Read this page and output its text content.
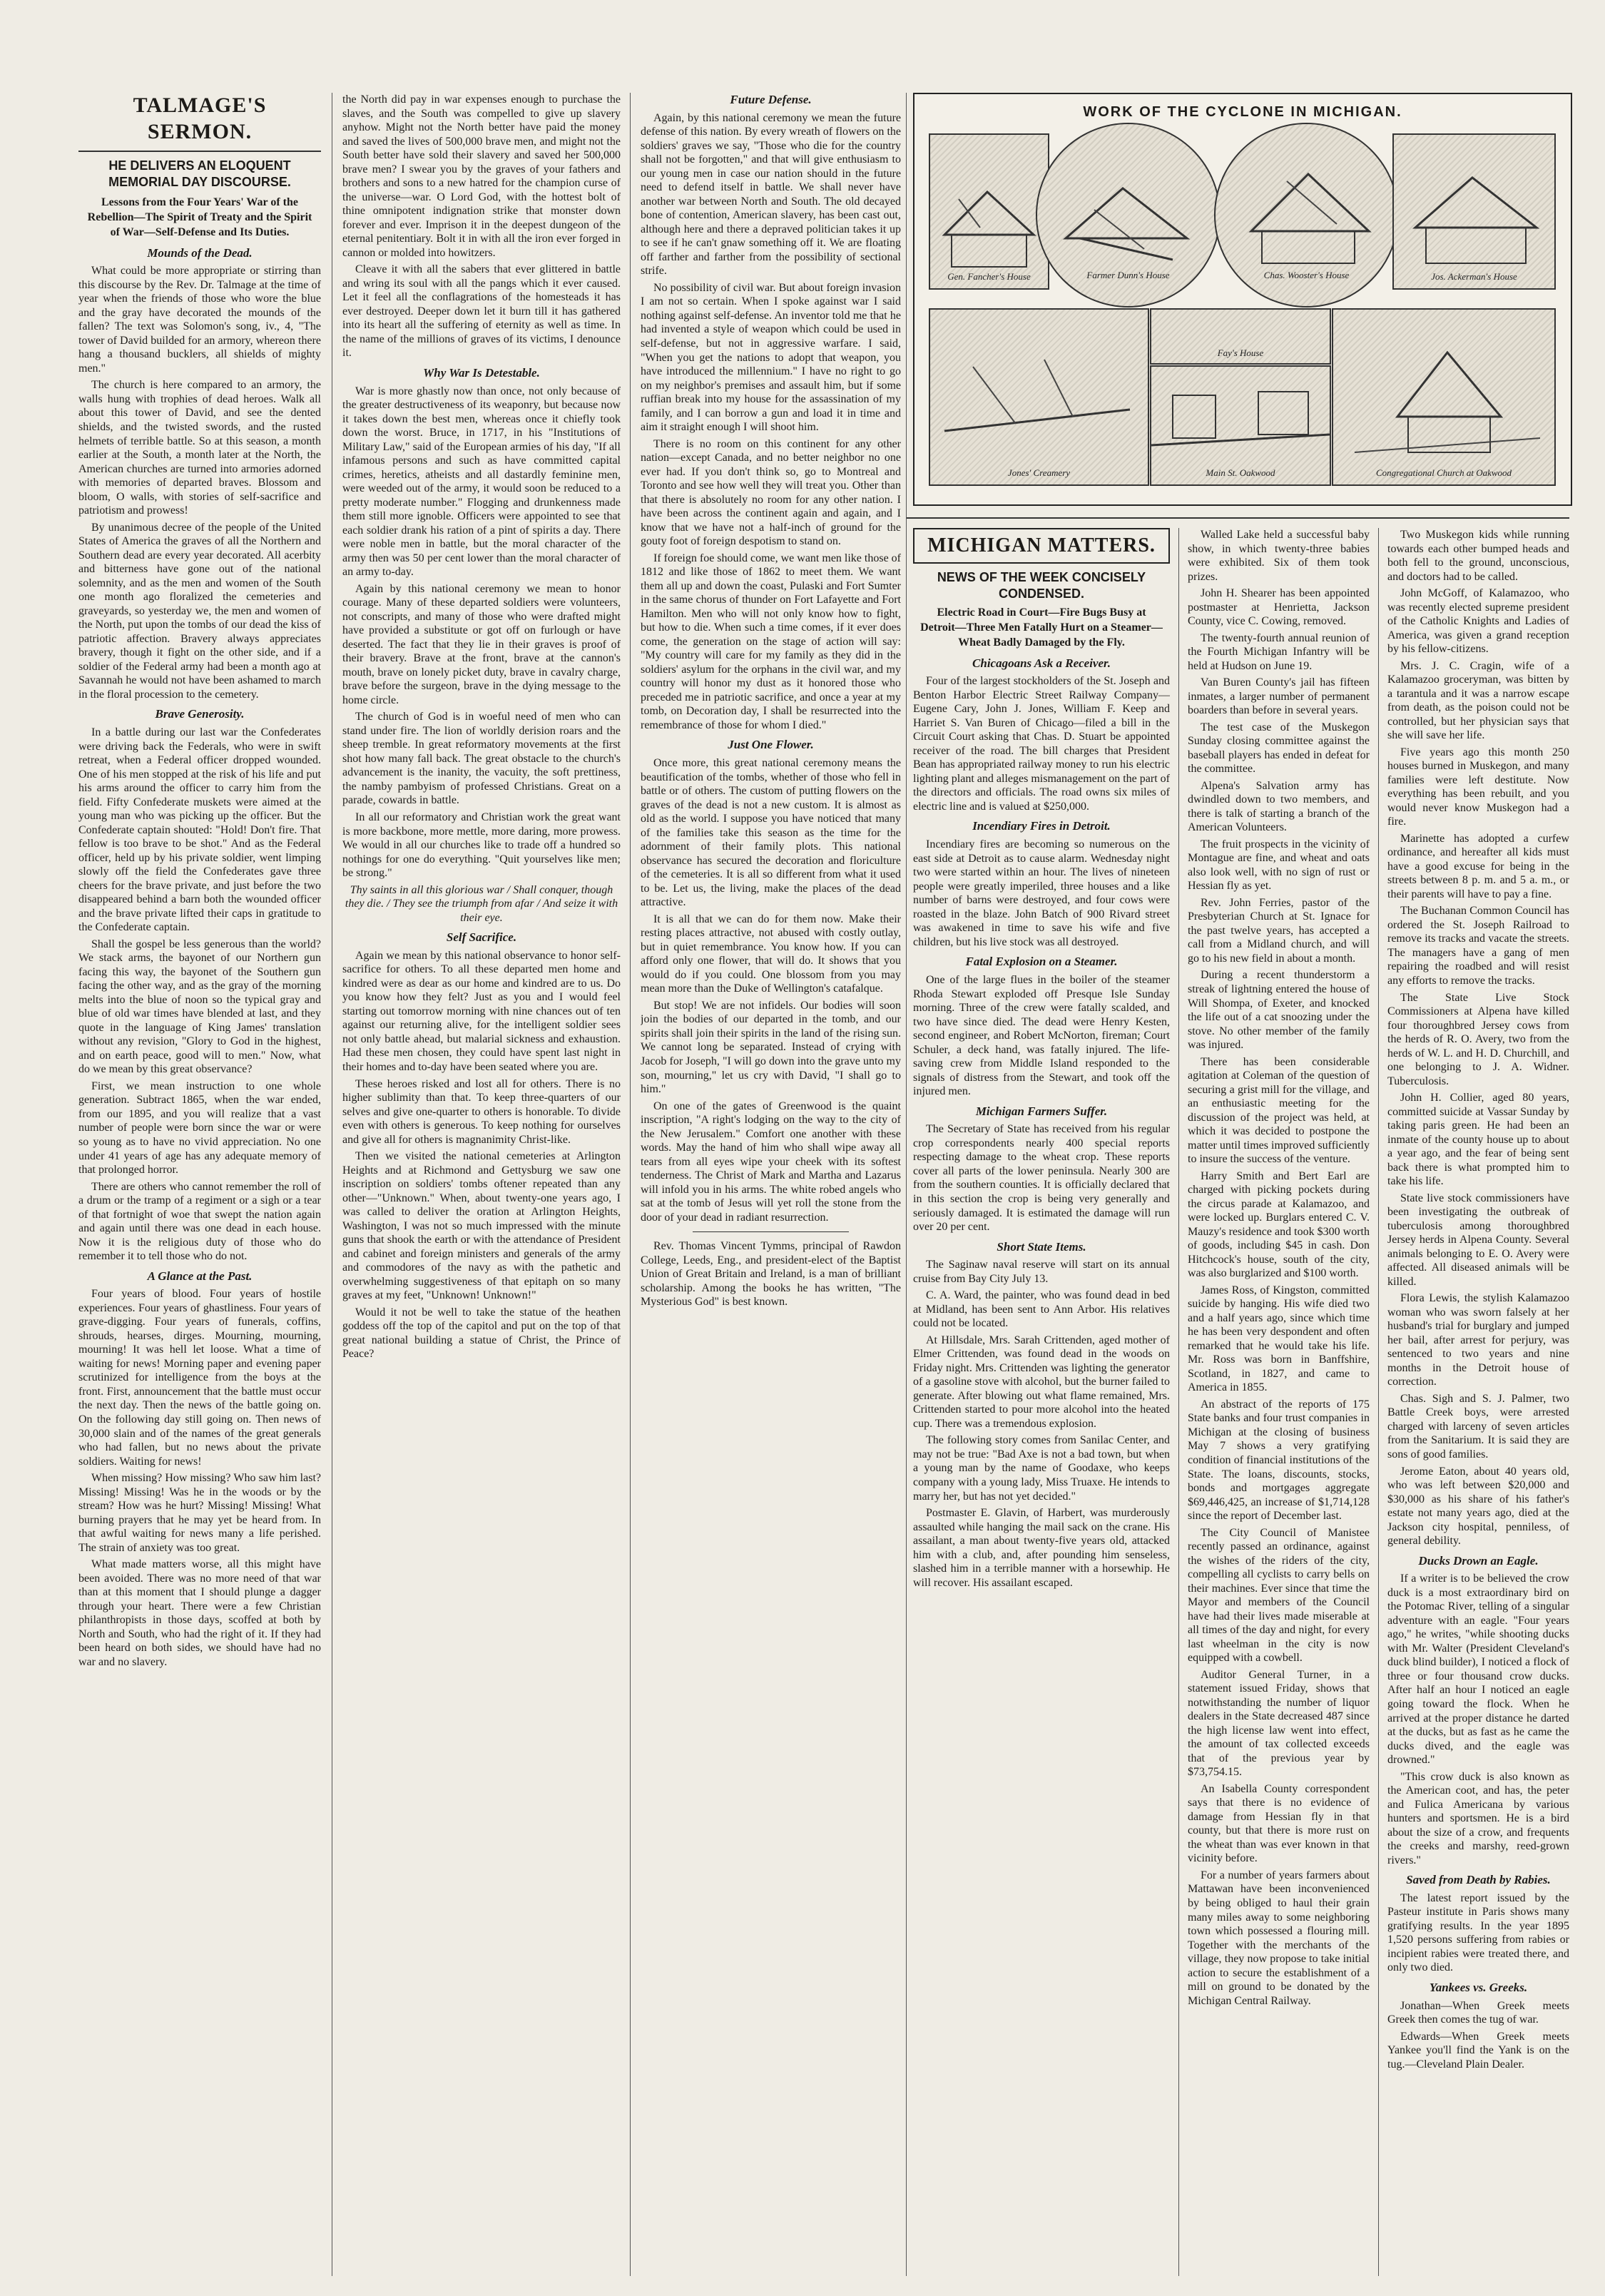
TALMAGE'S SERMON.
HE DELIVERS AN ELOQUENT MEMORIAL DAY DISCOURSE.
Lessons from the Four Years' War of the Rebellion—The Spirit of Treaty and the Spirit of War—Self-Defense and Its Duties.
Mounds of the Dead.

What could be more appropriate or stirring than this discourse by the Rev. Dr. Talmage at the time of year when the friends of those who wore the blue and the gray have decorated the mounds of the fallen? The text was Solomon's song, iv., 4, "The tower of David builded for an armory, whereon there hang a thousand bucklers, all shields of mighty men."

The church is here compared to an armory, the walls hung with trophies of dead heroes. Walk all about this tower of David, and see the dented shields, and the twisted swords, and the rusted helmets of terrible battle. So at this season, a month earlier at the South, a month later at the North, the American churches are turned into armories adorned with memories of departed braves. Blossom and bloom, O walls, with stories of self-sacrifice and patriotism and prowess!

By unanimous decree of the people of the United States of America the graves of all the Northern and Southern dead are every year decorated. All acerbity and bitterness have gone out of the national solemnity, and as the men and women of the South one month ago floralized the cemeteries and graveyards, so yesterday we, the men and women of the North, put upon the tombs of our dead the kiss of patriotic affection. Bravery always appreciates bravery, though it fight on the other side, and if a soldier of the Federal army had been a month ago at Savannah he would not have been ashamed to march in the floral procession to the cemetery.

Brave Generosity.

In a battle during our last war the Confederates were driving back the Federals, who were in swift retreat, when a Federal officer dropped wounded. One of his men stopped at the risk of his life and put his arms around the officer to carry him from the field. Fifty Confederate muskets were aimed at the young man who was picking up the officer. But the Confederate captain shouted: "Hold! Don't fire. That fellow is too brave to be shot." And as the Federal officer, held up by his private soldier, went limping slowly off the field the Confederates gave three cheers for the brave private, and just before the two disappeared behind a barn both the wounded officer and the brave private lifted their caps in gratitude to the Confederate captain.

Shall the gospel be less generous than the world? We stack arms, the bayonet of our Northern gun facing this way, the bayonet of the Southern gun facing the other way, and as the gray of the morning melts into the blue of noon so the typical gray and blue of old war times have blended at last, and they quote in the language of King James' translation without any revision, "Glory to God in the highest, and on earth peace, good will to men." Now, what do we mean by this great observance?

First, we mean instruction to one whole generation. Subtract 1865, when the war ended, from our 1895, and you will realize that a vast number of people were born since the war or were so young as to have no vivid appreciation. No one under 41 years of age has any adequate memory of that prolonged horror.

There are others who cannot remember the roll of a drum or the tramp of a regiment or a sigh or a tear of that fortnight of woe that swept the nation again and again until there was one dead in each house. Now it is the religious duty of those who do remember it to tell those who do not.

A Glance at the Past.

Four years of blood. Four years of hostile experiences. Four years of ghastliness. Four years of grave-digging. Four years of funerals, coffins, shrouds, hearses, dirges. Mourning, mourning, mourning! It was hell let loose. What a time of waiting for news! Morning paper and evening paper scrutinized for intelligence from the boys at the front. First, announcement that the battle must occur the next day. Then the news of the battle going on. On the following day still going on. Then news of 30,000 slain and of the names of the great generals who had fallen, but no news about the private soldiers. Waiting for news!

When missing? How missing? Who saw him last? Missing! Missing! Was he in the woods or by the stream? How was he hurt? Missing! Missing! What burning prayers that he may yet be heard from. In that awful waiting for news many a life perished. The strain of anxiety was too great.

What made matters worse, all this might have been avoided. There was no more need of that war than at this moment that I should plunge a dagger through your heart. There were a few Christian philanthropists in those days, scoffed at both by North and South, who had the right of it. If they had been heard on both sides, we should have had no war and no slavery.

the North did pay in war expenses enough to purchase the slaves, and the South was compelled to give up slavery anyhow. Might not the North better have paid the money and saved the lives of 500,000 brave men, and might not the South better have sold their slavery and saved her 500,000 brave men? I swear you by the graves of your fathers and brothers and sons to a new hatred for the champion curse of the universe—war. O Lord God, with the hottest bolt of thine omnipotent indignation strike that monster down forever and ever. Imprison it in the deepest dungeon of the eternal penitentiary. Bolt it in with all the iron ever forged in cannon or molded into howitzers.

Cleave it with all the sabers that ever glittered in battle and wring its soul with all the pangs which it ever caused. Let it feel all the conflagrations of the homesteads it has ever destroyed. Deeper down let it burn till it has gathered into its heart all the suffering of eternity as well as time. In the name of the millions of graves of its victims, I denounce it.

Why War Is Detestable.

War is more ghastly now than once, not only because of the greater destructiveness of its weaponry, but because now it takes down the best men, whereas once it chiefly took down the worst. Bruce, in 1717, in his "Institutions of Military Law," said of the European armies of his day, "If all infamous persons and such as have committed capital crimes, heretics, atheists and all dastardly feminine men, were weeded out of the army, it would soon be reduced to a pretty moderate number." Flogging and drunkenness made them still more ignoble. Officers were appointed to see that each soldier drank his ration of a pint of spirits a day. There were noble men in battle, but the moral character of the army then was 50 per cent lower than the moral character of an army to-day.

Again by this national ceremony we mean to honor courage. Many of these departed soldiers were volunteers, not conscripts, and many of those who were drafted might have provided a substitute or got off on furlough or have deserted. The fact that they lie in their graves is proof of their bravery. Brave at the front, brave at the cannon's mouth, brave on lonely picket duty, brave in cavalry charge, brave before the surgeon, brave in the dying message to the home circle.

The church of God is in woeful need of men who can stand under fire. The lion of worldly derision roars and the sheep tremble. In great reformatory movements at the first shot how many fall back. The great obstacle to the church's advancement is the inanity, the vacuity, the soft prettiness, the namby pambyism of professed Christians. Great on a parade, cowards in battle.

In all our reformatory and Christian work the great want is more backbone, more mettle, more daring, more prowess. We would in all our churches like to trade off a hundred so nothings for one do everything. "Quit yourselves like men; be strong."

Thy saints in all this glorious war / Shall conquer, though they die. / They see the triumph from afar / And seize it with their eye.

Self Sacrifice.

Again we mean by this national observance to honor self-sacrifice for others. To all these departed men home and kindred were as dear as our home and kindred are to us. Do you know how they felt? Just as you and I would feel starting out tomorrow morning with nine chances out of ten against our returning alive, for the intelligent soldier sees not only battle ahead, but malarial sickness and exhaustion. Had these men chosen, they could have spent last night in their homes and to-day have been seated where you are.

These heroes risked and lost all for others. There is no higher sublimity than that. To keep three-quarters of our selves and give one-quarter to others is honorable. To divide even with others is generous. To keep nothing for ourselves and give all for others is magnanimity Christ-like.

Then we visited the national cemeteries at Arlington Heights and at Richmond and Gettysburg we saw one inscription on soldiers' tombs oftener repeated than any other—"Unknown." When, about twenty-one years ago, I was called to deliver the oration at Arlington Heights, Washington, I was not so much impressed with the minute guns that shook the earth or with the attendance of President and cabinet and foreign ministers and generals of the army and commodores of the navy as with the pathetic and overwhelming suggestiveness of that epitaph on so many graves at my feet, "Unknown! Unknown!"

Would it not be well to take the statue of the heathen goddess off the top of the capitol and put on the top of that great national building a statue of Christ, the Prince of Peace?

Future Defense.

Again, by this national ceremony we mean the future defense of this nation. By every wreath of flowers on the soldiers' graves we say, "Those who die for the country shall not be forgotten," and that will give enthusiasm to our young men in case our nation should in the future need to defend itself in battle. We shall never have another war between North and South. The old decayed bone of contention, American slavery, has been cast out, although here and there a depraved politician takes it up to see if he can't gnaw something off it. We are floating off farther and farther from the possibility of sectional strife.

No possibility of civil war. But about foreign invasion I am not so certain. When I spoke against war I said nothing against self-defense. An inventor told me that he had invented a style of weapon which could be used in self-defense, but not in aggressive warfare. I said, "When you get the nations to adopt that weapon, you have introduced the millennium." I have no right to go on my neighbor's premises and assault him, but if some ruffian break into my house for the assassination of my family, and I can borrow a gun and load it in time and aim it straight enough I will shoot him.

There is no room on this continent for any other nation—except Canada, and no better neighbor no one ever had. If you don't think so, go to Montreal and Toronto and see how well they will treat you. Other than that there is absolutely no room for any other nation. I have been across the continent again and again, and I know that we have not a half-inch of ground for the gouty foot of foreign despotism to stand on.

If foreign foe should come, we want men like those of 1812 and like those of 1862 to meet them. We want them all up and down the coast, Pulaski and Fort Sumter in the same chorus of thunder on Fort Lafayette and Fort Hamilton. Men who will not only know how to fight, but how to die. When such a time comes, if it ever does come, the generation on the stage of action will say: "My country will care for my family as they did in the soldiers' asylum for the orphans in the civil war, and my country will honor my dust as it honored those who preceded me in patriotic sacrifice, and once a year at my tomb, on Decoration day, I shall be resurrected into the remembrance of those for whom I died."

Just One Flower.

Once more, this great national ceremony means the beautification of the tombs, whether of those who fell in battle or of others. The custom of putting flowers on the graves of the dead is not a new custom. It is almost as old as the world. I suppose you have noticed that many of the families take this season as the time for the adornment of their family plots. This national observance has secured the decoration and floriculture of the cemeteries. It is all so different from what it used to be. Let us, the living, make the places of the dead attractive.

It is all that we can do for them now. Make their resting places attractive, not abused with costly outlay, but in quiet remembrance. You know how. If you can afford only one flower, that will do. It shows that you would do if you could. One blossom from you may mean more than the Duke of Wellington's catafalque.

But stop! We are not infidels. Our bodies will soon join the bodies of our departed in the tomb, and our spirits shall join their spirits in the land of the rising sun. We cannot long be separated. Instead of crying with Jacob for Joseph, "I will go down into the grave unto my son, mourning," let us cry with David, "I shall go to him."

On one of the gates of Greenwood is the quaint inscription, "A right's lodging on the way to the city of the New Jerusalem." Comfort one another with these words. May the hand of him who shall wipe away all tears from all eyes wipe your cheek with its softest tenderness. The Christ of Mark and Martha and Lazarus will infold you in his arms. The white robed angels who sat at the tomb of Jesus will yet roll the stone from the door of your dead in radiant resurrection.

Rev. Thomas Vincent Tymms, principal of Rawdon College, Leeds, Eng., and president-elect of the Baptist Union of Great Britain and Ireland, is a man of brilliant scholarship. Among the books he has written, "The Mysterious God" is best known.

WORK OF THE CYCLONE IN MICHIGAN.
Gen. Fancher's House	Farmer Dunn's House	Chas. Wooster's House	Jos. Ackerman's House
Fay's House
Jones' Creamery	Main St. Oakwood	Congregational Church at Oakwood
MICHIGAN MATTERS.
NEWS OF THE WEEK CONCISELY CONDENSED.
Electric Road in Court—Fire Bugs Busy at Detroit—Three Men Fatally Hurt on a Steamer—Wheat Badly Damaged by the Fly.
Chicagoans Ask a Receiver.

Four of the largest stockholders of the St. Joseph and Benton Harbor Electric Street Railway Company—Eugene Cary, John J. Jones, William F. Keep and Harriet S. Van Buren of Chicago—filed a bill in the Circuit Court asking that Chas. D. Stuart be appointed receiver of the road. The bill charges that President Bean has appropriated railway money to run his electric lighting plant and alleges mismanagement on the part of the directors and officials. The road owns six miles of electric line and is valued at $250,000.

Incendiary Fires in Detroit.

Incendiary fires are becoming so numerous on the east side at Detroit as to cause alarm. Wednesday night two were started within an hour. The lives of nineteen people were greatly imperiled, three houses and a like number of barns were destroyed, and four cows were roasted in the blaze. John Batch of 900 Rivard street was awakened in time to save his wife and five children, but his live stock was all destroyed.

Fatal Explosion on a Steamer.

One of the large flues in the boiler of the steamer Rhoda Stewart exploded off Presque Isle Sunday morning. Three of the crew were fatally scalded, and two have since died. The dead were Henry Kesten, second engineer, and Robert McNorton, fireman; Court Schuler, a deck hand, was fatally injured. The life-saving crew from Middle Island responded to the signals of distress from the Stewart, and took off the injured men.

Michigan Farmers Suffer.

The Secretary of State has received from his regular crop correspondents nearly 400 special reports respecting damage to the wheat crop. These reports cover all parts of the lower peninsula. Nearly 300 are from the southern counties. It is officially declared that in this section the crop is being very generally and seriously damaged. It is estimated the damage will run over 20 per cent.

Short State Items.

The Saginaw naval reserve will start on its annual cruise from Bay City July 13.

C. A. Ward, the painter, who was found dead in bed at Midland, has been sent to Ann Arbor. His relatives could not be located.

At Hillsdale, Mrs. Sarah Crittenden, aged mother of Elmer Crittenden, was found dead in the woods on Friday night. Mrs. Crittenden was lighting the generator of a gasoline stove with alcohol, but the burner failed to generate. After blowing out what flame remained, Mrs. Crittenden started to pour more alcohol into the heated cup. There was a tremendous explosion.

The following story comes from Sanilac Center, and may not be true: "Bad Axe is not a bad town, but when a young man by the name of Goodaxe, who keeps company with a young lady, Miss Truaxe. He intends to marry her, but has not yet decided."

Postmaster E. Glavin, of Harbert, was murderously assaulted while hanging the mail sack on the crane. His assailant, a man about twenty-five years old, attacked him with a club, and, after pounding him senseless, slashed him in a terrible manner with a horsewhip. He will recover. His assailant escaped.

Walled Lake held a successful baby show, in which twenty-three babies were exhibited. Six of them took prizes.

John H. Shearer has been appointed postmaster at Henrietta, Jackson County, vice C. Cowing, removed.

The twenty-fourth annual reunion of the Fourth Michigan Infantry will be held at Hudson on June 19.

Van Buren County's jail has fifteen inmates, a larger number of permanent boarders than before in several years.

The test case of the Muskegon Sunday closing committee against the baseball players has ended in defeat for the committee.

Alpena's Salvation army has dwindled down to two members, and there is talk of starting a branch of the American Volunteers.

The fruit prospects in the vicinity of Montague are fine, and wheat and oats also look well, with no sign of rust or Hessian fly as yet.

Rev. John Ferries, pastor of the Presbyterian Church at St. Ignace for the past twelve years, has accepted a call from a Midland church, and will go to his new field in about a month.

During a recent thunderstorm a streak of lightning entered the house of Will Shompa, of Exeter, and knocked the life out of a cat snoozing under the stove. No other member of the family was injured.

There has been considerable agitation at Coleman of the question of securing a grist mill for the village, and an enthusiastic meeting for the discussion of the project was held, at which it was decided to postpone the matter until times improved sufficiently to insure the success of the venture.

Harry Smith and Bert Earl are charged with picking pockets during the circus parade at Kalamazoo, and were locked up. Burglars entered C. V. Mauzy's residence and took $300 worth of goods, including $45 in cash. Don Hitchcock's house, south of the city, was also burglarized and $100 worth.

James Ross, of Kingston, committed suicide by hanging. His wife died two and a half years ago, since which time he has been very despondent and often remarked that he would take his life. Mr. Ross was born in Banffshire, Scotland, in 1827, and came to America in 1855.

An abstract of the reports of 175 State banks and four trust companies in Michigan at the closing of business May 7 shows a very gratifying condition of financial institutions of the State. The loans, discounts, stocks, bonds and mortgages aggregate $69,446,425, an increase of $1,714,128 since the report of December last.

The City Council of Manistee recently passed an ordinance, against the wishes of the riders of the city, compelling all cyclists to carry bells on their machines. Ever since that time the Mayor and members of the Council have had their lives made miserable at all times of the day and night, for every last wheelman in the city is now equipped with a cowbell.

Auditor General Turner, in a statement issued Friday, shows that notwithstanding the number of liquor dealers in the State decreased 487 since the high license law went into effect, the amount of tax collected exceeds that of the previous year by $73,754.15.

An Isabella County correspondent says that there is no evidence of damage from Hessian fly in that county, but that there is more rust on the wheat than was ever known in that vicinity before.

For a number of years farmers about Mattawan have been inconvenienced by being obliged to haul their grain many miles away to some neighboring town which possessed a flouring mill. Together with the merchants of the village, they now propose to take initial action to secure the establishment of a mill on ground to be donated by the Michigan Central Railway.

Two Muskegon kids while running towards each other bumped heads and both fell to the ground, unconscious, and doctors had to be called.

John McGoff, of Kalamazoo, who was recently elected supreme president of the Catholic Knights and Ladies of America, was given a grand reception by his fellow-citizens.

Mrs. J. C. Cragin, wife of a Kalamazoo groceryman, was bitten by a tarantula and it was a narrow escape from death, as the poison could not be controlled, but her physician says that she will save her life.

Five years ago this month 250 houses burned in Muskegon, and many families were left destitute. Now everything has been rebuilt, and you would never know Muskegon had a fire.

Marinette has adopted a curfew ordinance, and hereafter all kids must have a good excuse for being in the streets between 8 p. m. and 5 a. m., or their parents will have to pay a fine.

The Buchanan Common Council has ordered the St. Joseph Railroad to remove its tracks and vacate the streets. The managers have a gang of men repairing the roadbed and will resist any efforts to remove the tracks.

The State Live Stock Commissioners at Alpena have killed four thoroughbred Jersey cows from the herds of R. O. Avery, two from the herds of W. L. and H. D. Churchill, and one belonging to J. A. Widner. Tuberculosis.

John H. Collier, aged 80 years, committed suicide at Vassar Sunday by taking paris green. He had been an inmate of the county house up to about a year ago, and the fear of being sent back there is what prompted him to take his life.

State live stock commissioners have been investigating the outbreak of tuberculosis among thoroughbred Jersey herds in Alpena County. Several animals belonging to E. O. Avery were affected. All diseased animals will be killed.

Flora Lewis, the stylish Kalamazoo woman who was sworn falsely at her husband's trial for burglary and jumped her bail, after arrest for perjury, was sentenced to two years and nine months in the Detroit house of correction.

Chas. Sigh and S. J. Palmer, two Battle Creek boys, were arrested charged with larceny of seven articles from the Sanitarium. It is said they are sons of good families.

Jerome Eaton, about 40 years old, who was left between $20,000 and $30,000 as his share of his father's estate not many years ago, died at the Jackson city hospital, penniless, of general debility.

Ducks Drown an Eagle.

If a writer is to be believed the crow duck is a most extraordinary bird on the Potomac River, telling of a singular adventure with an eagle. "Four years ago," he writes, "while shooting ducks with Mr. Walter (President Cleveland's duck blind builder), I noticed a flock of three or four thousand crow ducks. After half an hour I noticed an eagle going toward the flock. When he arrived at the proper distance he darted at the ducks, but as fast as he came the ducks dived, and the eagle was drowned."

"This crow duck is also known as the American coot, and has, the peter and Fulica Americana by various hunters and sportsmen. He is a bird about the size of a crow, and frequents the creeks and marshy, reed-grown rivers."

Saved from Death by Rabies.

The latest report issued by the Pasteur institute in Paris shows many gratifying results. In the year 1895 1,520 persons suffering from rabies or incipient rabies were treated there, and only two died.

Yankees vs. Greeks.

Jonathan—When Greek meets Greek then comes the tug of war.

Edwards—When Greek meets Yankee you'll find the Yank is on the tug.—Cleveland Plain Dealer.
